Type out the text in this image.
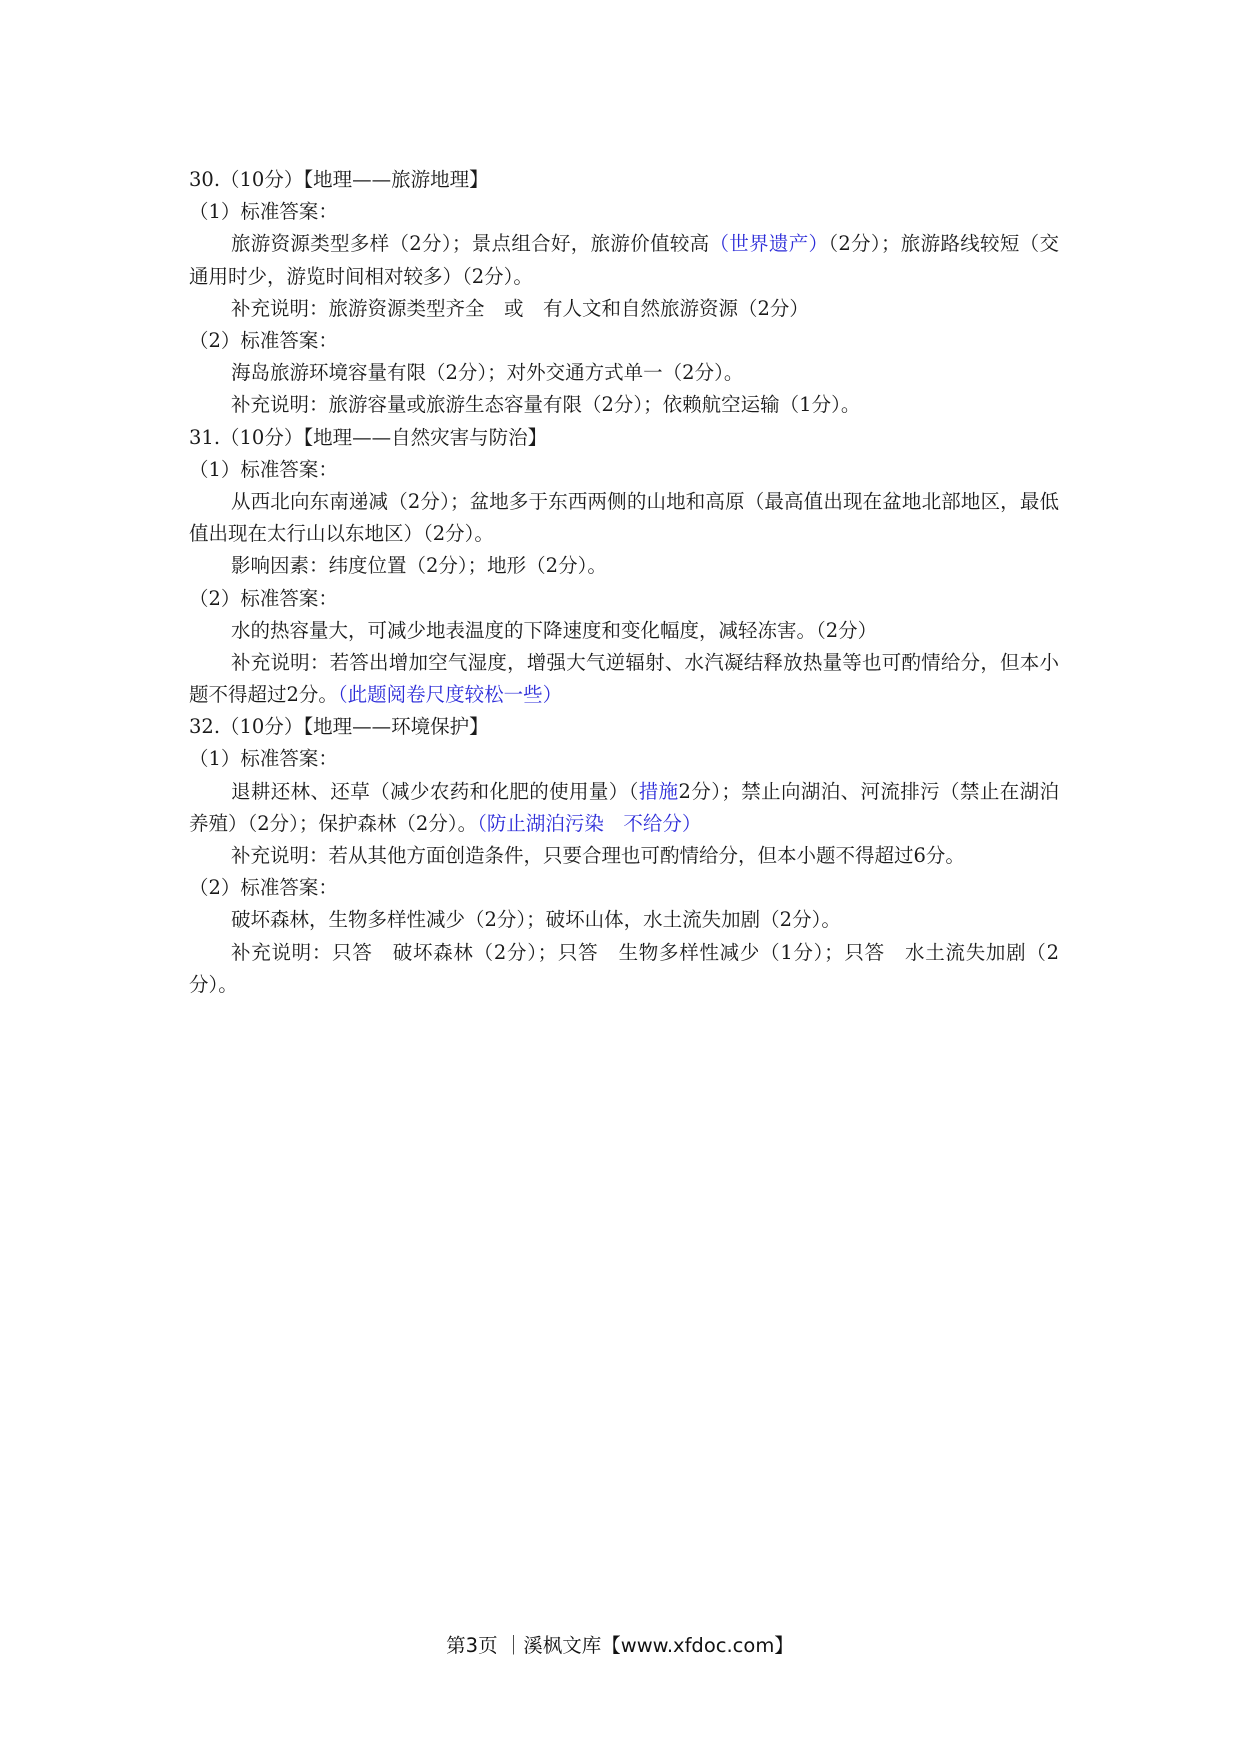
30.（10分）【地理——旅游地理】
（1）标准答案：
旅游资源类型多样（2分）；景点组合好，旅游价值较高（世界遗产）（2分）；旅游路线较短（交通用时少，游览时间相对较多）（2分）。
补充说明：旅游资源类型齐全　或　有人文和自然旅游资源（2分）
（2）标准答案：
海岛旅游环境容量有限（2分）；对外交通方式单一（2分）。
补充说明：旅游容量或旅游生态容量有限（2分）；依赖航空运输（1分）。
31.（10分）【地理——自然灾害与防治】
（1）标准答案：
从西北向东南递减（2分）；盆地多于东西两侧的山地和高原（最高值出现在盆地北部地区，最低值出现在太行山以东地区）（2分）。
影响因素：纬度位置（2分）；地形（2分）。
（2）标准答案：
水的热容量大，可减少地表温度的下降速度和变化幅度，减轻冻害。（2分）
补充说明：若答出增加空气湿度，增强大气逆辐射、水汽凝结释放热量等也可酌情给分，但本小题不得超过2分。（此题阅卷尺度较松一些）
32.（10分）【地理——环境保护】
（1）标准答案：
退耕还林、还草（减少农药和化肥的使用量）（措施2分）；禁止向湖泊、河流排污（禁止在湖泊养殖）（2分）；保护森林（2分）。（防止湖泊污染　不给分）
补充说明：若从其他方面创造条件，只要合理也可酌情给分，但本小题不得超过6分。
（2）标准答案：
破坏森林，生物多样性减少（2分）；破坏山体，水土流失加剧（2分）。
补充说明：只答　破坏森林（2分）；只答　生物多样性减少（1分）；只答　水土流失加剧（2分）。
第3页 ｜溪枫文库【www.xfdoc.com】
